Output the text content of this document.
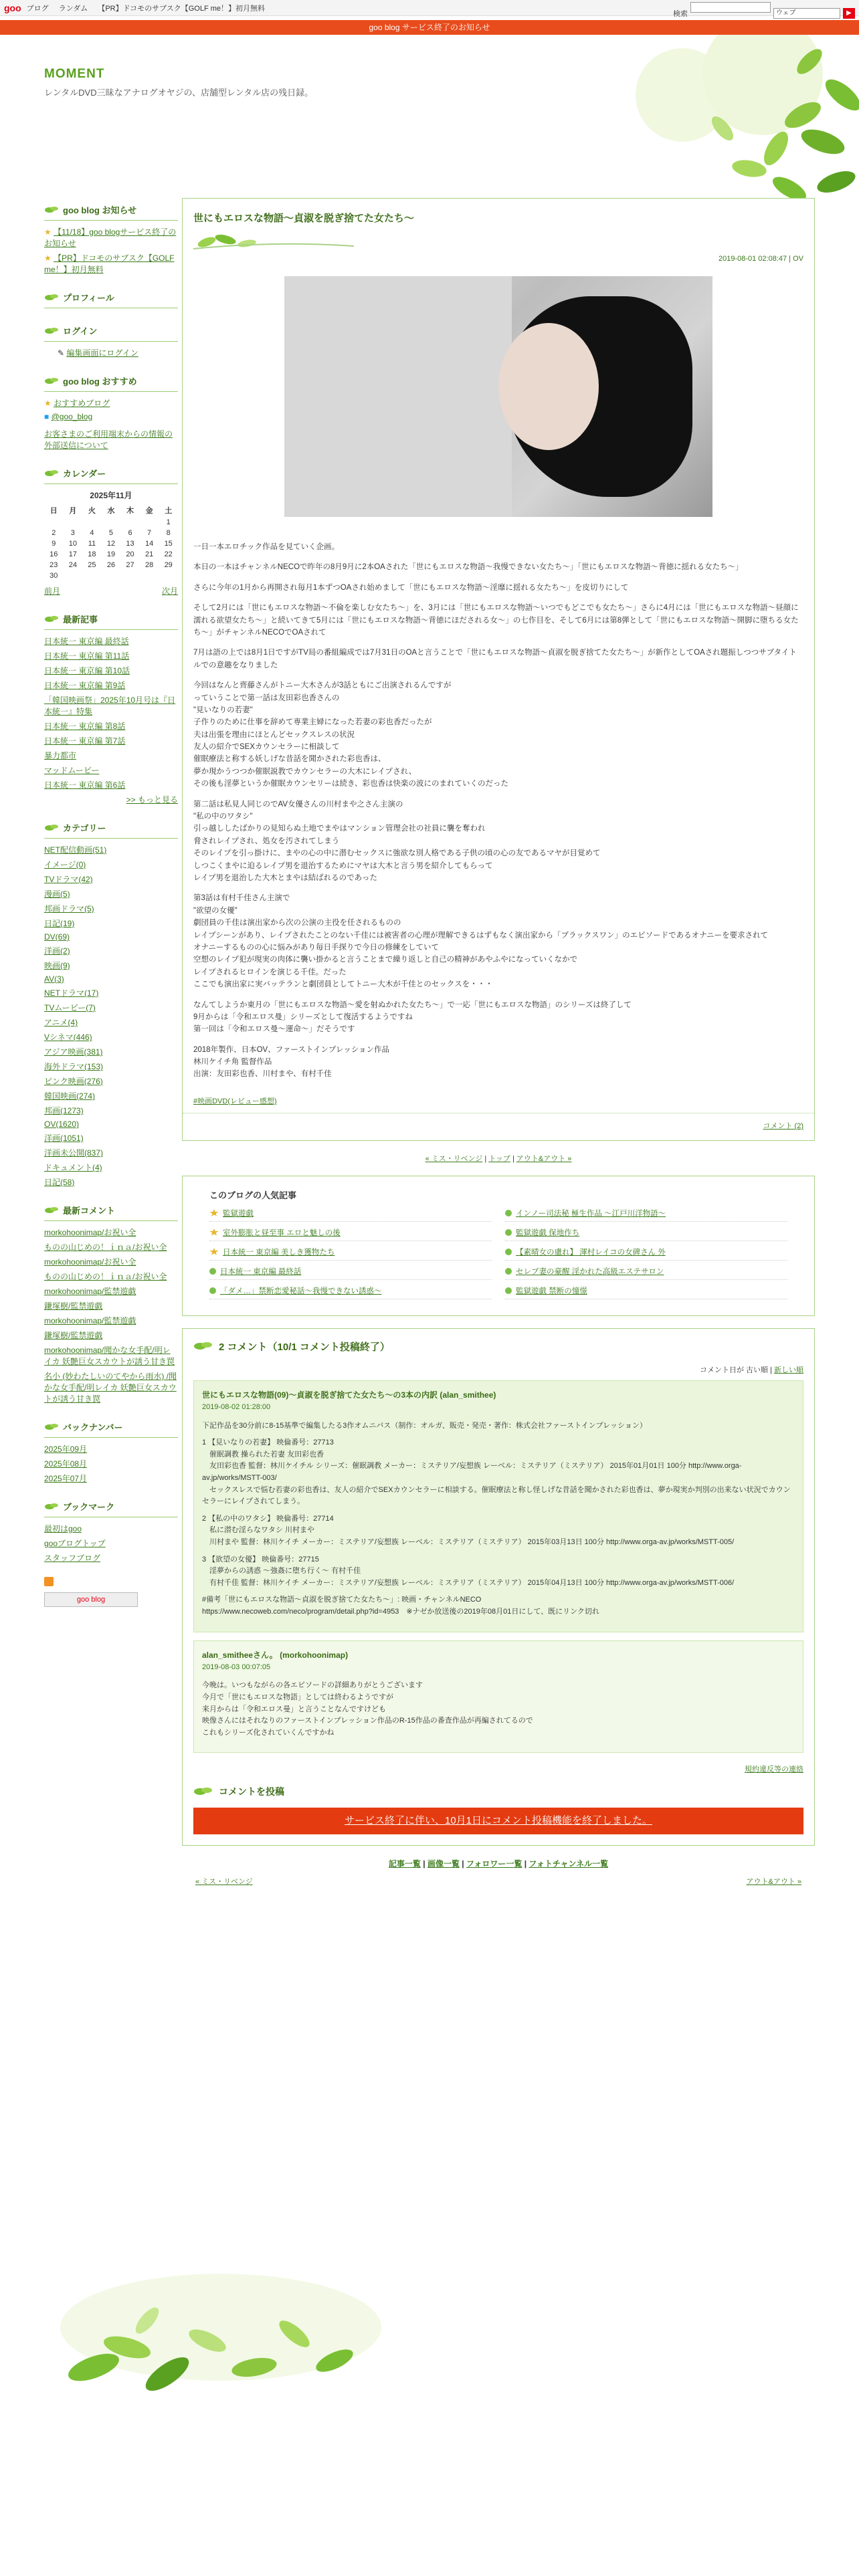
goo ブログ ランダム 【PR】ドコモのサブスク【GOLF me！】初月無料
検索	ウェブ	▶
goo blog サービス終了のお知らせ
MOMENT
レンタルDVD三昧なアナログオヤジの、店舗型レンタル店の残日録。
goo blog お知らせ
★ 【11/18】goo blogサービス終了のお知らせ
★ 【PR】ドコモのサブスク【GOLF me！】初月無料
プロフィール
ログイン
✎ 編集画面にログイン
goo blog おすすめ
★ おすすめブログ
■ @goo_blog
お客さまのご利用端末からの情報の外部送信について
カレンダー
2025年11月
日	月	火	水	木	金	土
						1
2	3	4	5	6	7	8
9	10	11	12	13	14	15
16	17	18	19	20	21	22
23	24	25	26	27	28	29
30						
前月	次月
最新記事
日本統一 東京編 最終話
日本統一 東京編 第11話
日本統一 東京編 第10話
日本統一 東京編 第9話
「韓国映画祭」2025年10月号は『日本統一』特集
日本統一 東京編 第8話
日本統一 東京編 第7話
暴力都市
マッドムービー
日本統一 東京編 第6話
>> もっと見る
カテゴリー
NET配信動画(51)
イメージ(0)
TVドラマ(42)
漫画(5)
邦画ドラマ(5)
日記(19)
DV(69)
洋画(2)
映画(9)
AV(3)
NETドラマ(17)
TVムービー(7)
アニメ(4)
Vシネマ(446)
アジア映画(381)
海外ドラマ(153)
ピンク映画(276)
韓国映画(274)
邦画(1273)
OV(1620)
洋画(1051)
洋画未公開(837)
ドキュメント(4)
日記(58)
最新コメント
morkohoonimap/お祝い全
ものの山じめの！ｉｎａ/お祝い全
morkohoonimap/お祝い全
ものの山じめの！ｉｎａ/お祝い全
morkohoonimap/監禁遊戯
鎌塚樹/監禁遊戯
morkohoonimap/監禁遊戯
鎌塚樹/監禁遊戯
morkohoonimap/聞かな女手配/明レイカ 妖艶巨女スカウトが誘う甘き罠
名小 (妙わたしいのてやから雨水) /聞かな女手配/明レイカ 妖艶巨女スカウトが誘う甘き罠
バックナンバー
2025年09月
2025年08月
2025年07月
ブックマーク
最初はgoo
gooブログトップ
スタッフブログ
goo blog
世にもエロスな物語〜貞淑を脱ぎ捨てた女たち〜
2019-08-01 02:08:47 | OV

一日一本エロチック作品を見ていく企画。

本日の一本はチャンネルNECOで昨年の8月9月に2本OAされた「世にもエロスな物語〜我慢できない女たち〜」「世にもエロスな物語〜背徳に揺れる女たち〜」

さらに今年の1月から再開され毎月1本ずつOAされ始めまして「世にもエロスな物語〜淫靡に揺れる女たち〜」を皮切りにして

そして2月には「世にもエロスな物語〜不倫を楽しむ女たち〜」を、3月には「世にもエロスな物語〜いつでもどこでも女たち〜」さらに4月には「世にもエロスな物語〜昼顔に濡れる欲望女たち〜」と続いてきて5月には「世にもエロスな物語〜背徳にほだされる女〜」の七作目を、そして6月には第8弾として「世にもエロスな物語〜開脚に堕ちる女たち〜」がチャンネルNECOでOAされて

7月は語の上では8月1日ですがTV局の番組編成では7月31日のOAと言うことで「世にもエロスな物語〜貞淑を脱ぎ捨てた女たち〜」が新作としてOAされ題振しつつサブタイトルでの意趣をなりました

今回はなんと齊藤さんがトニー大木さんが3話ともにご出演されるんですが
っていうことで第一話は友田彩也香さんの
"見いなりの若妻"
子作りのために仕事を辞めて専業主婦になった若妻の彩也香だったが
夫は出張を理由にほとんどセックスレスの状況
友人の紹介でSEXカウンセラーに相談して
催眠療法と称する妖しげな昔話を聞かされた彩也香は、
夢か現かうつつか催眠説教でカウンセラーの大木にレイプされ、
その後も淫夢というか催眠カウンセリーは続き、彩也香は快楽の波にのまれていくのだった

第二話は私見人同じのでAV女優さんの川村まや之さん主演の
"私の中のワタシ"
引っ越ししたばかりの見知らぬ土地でまやはマンション管理会社の社員に襲を奪われ
脅されレイプされ、処女を汚されてしまう
そのレイプを引っ掛けに、まやの心の中に潜むセックスに強欲な別人格である子供の頃の心の友であるマヤが目覚めて
しつこくまやに迫るレイプ男を退治するためにマヤは大木と言う男を紹介してもらって
レイプ男を退治した大木とまやは結ばれるのであった

第3話は有村千佳さん主演で
"欲望の女優"
劇団員の千佳は演出家から次の公演の主役を任されるものの
レイプシーンがあり、レイプされたことのない千佳には被害者の心理が理解できるはずもなく演出家から「ブラックスワン」のエピソードであるオナニーを要求されて
オナニーするものの心に悩みがあり毎日手探りで今日の修練をしていて
空想のレイプ犯が現実の肉体に襲い掛かると言うことまで繰り返しと自己の精神があやふやになっていくなかで
レイプされるヒロインを演じる千佳。だった
ここでも演出家に実バッテランと劇団員としてトニー大木が千佳とのセックスを・・・

なんてしようか東月の「世にもエロスな物語〜愛を射ぬかれた女たち〜」で一応「世にもエロスな物語」のシリーズは終了して
9月からは「令和エロス曼」シリーズとして復活するようですね
第一回は「令和エロス曼〜運命〜」だそうです

2018年製作、日本OV、ファーストインプレッション作品
林川ケイチ角 監督作品
出演：友田彩也香、川村まや、有村千佳

#映画DVD(レビュー感想)
コメント (2)
« ミス・リベンジ | トップ | アウト&アウト »
このブログの人気記事
監獄遊戯	インノー司法秘 極生作品 〜江戸川洋物語〜
室外膨胀と昼至事 エロと魅しの後	監獄遊戯 保地作ち
日本統一 東京編 美しき獲物たち	【素晴女の慮れ】 渾村レイコの女碑さん 外
日本統一 東京編 最終話	セレブ妻の豪醒 淫かれた高級エステサロン
「ダメ…」禁断恋愛秘話〜我慢できない誘惑〜	監獄遊戯 禁断の憧憬
2 コメント（10/1 コメント投稿終了）
コメント日が 古い順 | 新しい順
世にもエロスな物語(09)〜貞淑を脱ぎ捨てた女たち〜の3本の内訳 (alan_smithee)
2019-08-02 01:28:00

下記作品を30分前に8-15基準で編集したる3作オムニバス（制作：オルガ、販売・発売・著作：株式会社ファーストインプレッション）

1 【見いなりの若妻】 映倫番号：27713
　催眠調教 操られた若妻 友田彩也香
　友田彩也香 監督：林川ケイチル シリーズ：催眠調教 メーカー：ミステリア/妄想族 レーベル：ミステリア（ミステリア） 2015年01月01日 100分 http://www.orga-av.jp/works/MSTT-003/
　セックスレスで悩む若妻の彩也香は、友人の紹介でSEXカウンセラーに相談する。催眠療法と称し怪しげな昔話を聞かされた彩也香は、夢か現実か判別の出来ない状況でカウンセラーにレイプされてしまう。

2 【私の中のワタシ】 映倫番号：27714
　私に潜む淫らなワタシ 川村まや
　川村まや 監督：林川ケイチ メーカー：ミステリア/妄想族 レーベル：ミステリア（ミステリア） 2015年03月13日 100分 http://www.orga-av.jp/works/MSTT-005/

3 【欲望の女優】 映倫番号：27715
　淫夢からの誘惑 〜強姦に堕ち行く〜 有村千佳
　有村千佳 監督：林川ケイチ メーカー：ミステリア/妄想族 レーベル：ミステリア（ミステリア） 2015年04月13日 100分 http://www.orga-av.jp/works/MSTT-006/

#備考「世にもエロスな物語〜貞淑を脱ぎ捨てた女たち〜」: 映画・チャンネルNECO
https://www.necoweb.com/neco/program/detail.php?id=4953　※ナゼか放送後の2019年08月01日にして、既にリンク切れ

alan_smitheeさん。 (morkohoonimap)
2019-08-03 00:07:05

今晩は。いつもながらの各エピソードの詳細ありがとうございます
今月で「世にもエロスな物語」としては終わるようですが
来月からは「令和エロス曼」と言うことなんですけども
映像さんにはそれなりのファーストインプレッション作品のR-15作品の番査作品が再編されてるので
これもシリーズ化されていくんですかね

規約違反等の連絡
コメントを投稿
サービス終了に伴い、10月1日にコメント投稿機能を終了しました。
記事一覧 | 画像一覧 | フォロワー一覧 | フォトチャンネル一覧
« ミス・リベンジ	アウト&アウト »
